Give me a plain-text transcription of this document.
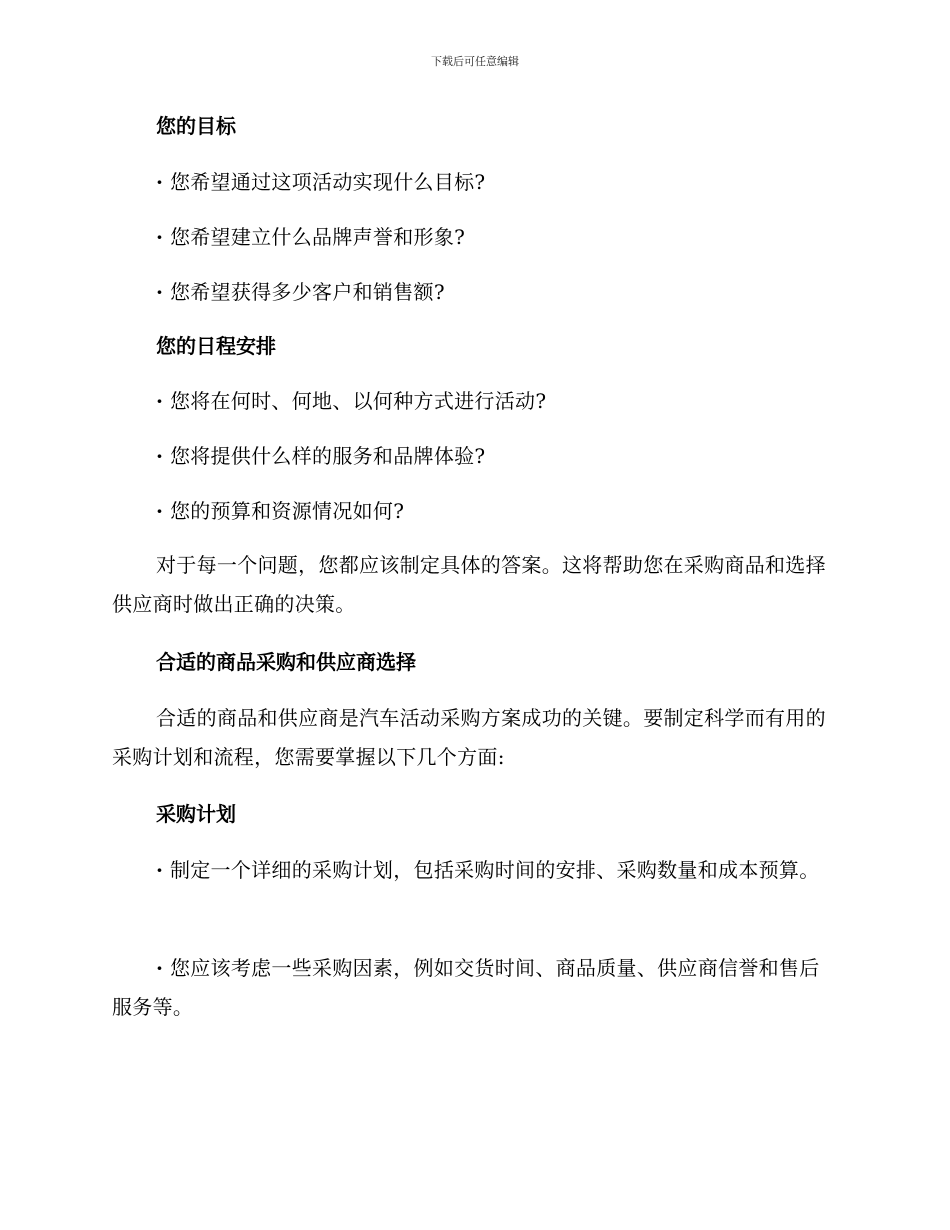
下载后可任意编辑
您的目标

· 您希望通过这项活动实现什么目标?

· 您希望建立什么品牌声誉和形象?

· 您希望获得多少客户和销售额?

您的日程安排

· 您将在何时、何地、以何种方式进行活动?

· 您将提供什么样的服务和品牌体验?

· 您的预算和资源情况如何?

对于每一个问题，您都应该制定具体的答案。这将帮助您在采购商品和选择供应商时做出正确的决策。

合适的商品采购和供应商选择

合适的商品和供应商是汽车活动采购方案成功的关键。要制定科学而有用的采购计划和流程，您需要掌握以下几个方面:

采购计划

· 制定一个详细的采购计划，包括采购时间的安排、采购数量和成本预算。

· 您应该考虑一些采购因素，例如交货时间、商品质量、供应商信誉和售后服务等。
